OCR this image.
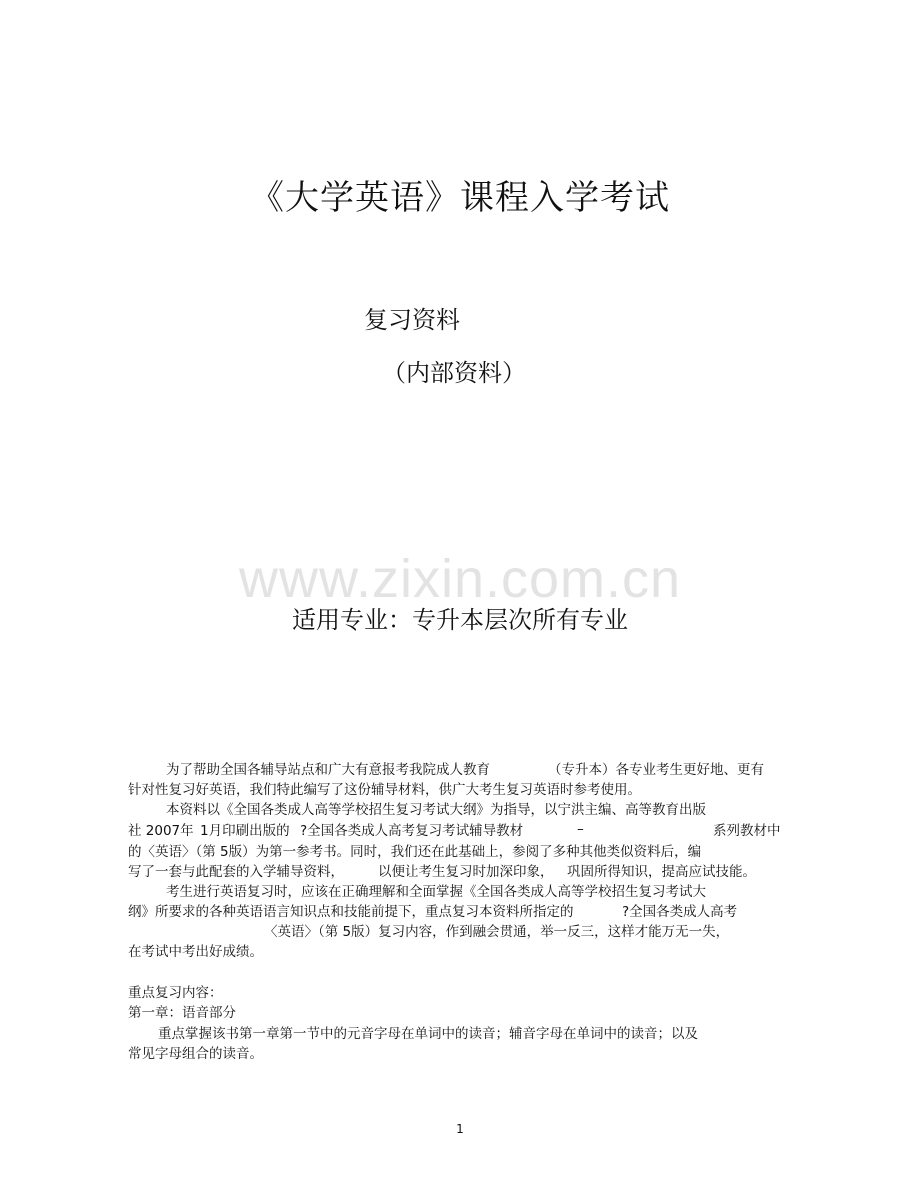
《大学英语》课程入学考试
复习资料
（内部资料）
www.zixin.com.cn
适用专业：专升本层次所有专业
为了帮助全国各辅导站点和广大有意报考我院成人教育	（专升本）各专业考生更好地、更有
针对性复习好英语，我们特此编写了这份辅导材料，供广大考生复习英语时参考使用。
本资料以《全国各类成人高等学校招生复习考试大纲》为指导，以宁洪主编、高等教育出版
社 2007年 1月印刷出版的 ?全国各类成人高考复习考试辅导教材	–	系列教材中
的〈英语〉（第 5版）为第一参考书。同时，我们还在此基础上，参阅了多种其他类似资料后，编
写了一套与此配套的入学辅导资料，	以便让考生复习时加深印象， 巩固所得知识，提高应试技能。
考生进行英语复习时，应该在正确理解和全面掌握《全国各类成人高等学校招生复习考试大
纲》所要求的各种英语语言知识点和技能前提下，重点复习本资料所指定的	?全国各类成人高考
〈英语〉（第 5版）复习内容，作到融会贯通，举一反三，这样才能万无一失，
在考试中考出好成绩。
重点复习内容：
第一章：语音部分
重点掌握该书第一章第一节中的元音字母在单词中的读音；辅音字母在单词中的读音；以及
常见字母组合的读音。
1
